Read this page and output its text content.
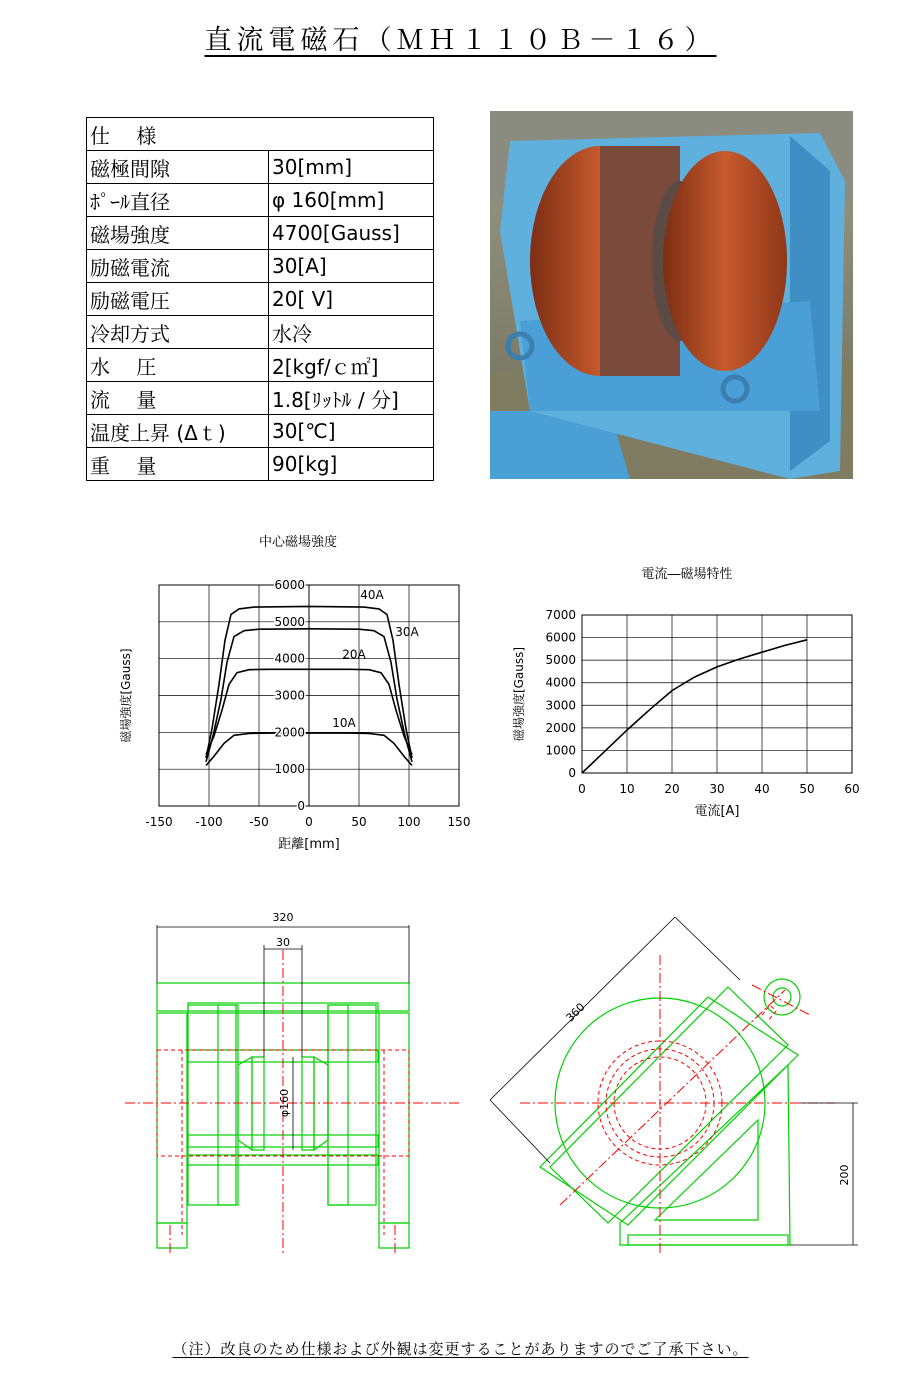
直流電磁石（ＭＨ１１０Ｂ－１６）
仕　 様	
磁極間隙	30[mm]
ﾎﾟｰﾙ直径	φ 160[mm]
磁場強度	4700[Gauss]
励磁電流	30[A]
励磁電圧	20[ V]
冷却方式	水冷
水　 圧	2[kgf/ｃ㎡]
流　 量	1.8[ﾘｯﾄﾙ / 分]
温度上昇 (Δｔ)	30[℃]
重　 量	90[kg]
-150 -100 -50	0	50	100 150
0
1000
2000
3000
4000
5000
6000
10A
20A
30A
40A
中心磁場強度
距離[mm]
磁場強度[Gauss]
0	10 20 30 40 50 60
0
1000
2000
3000
4000
5000
6000
7000
電流―磁場特性
電流[A]
磁場強度[Gauss]
320
30
φ160
360
200
（注）改良のため仕様および外観は変更することがありますのでご了承下さい。
